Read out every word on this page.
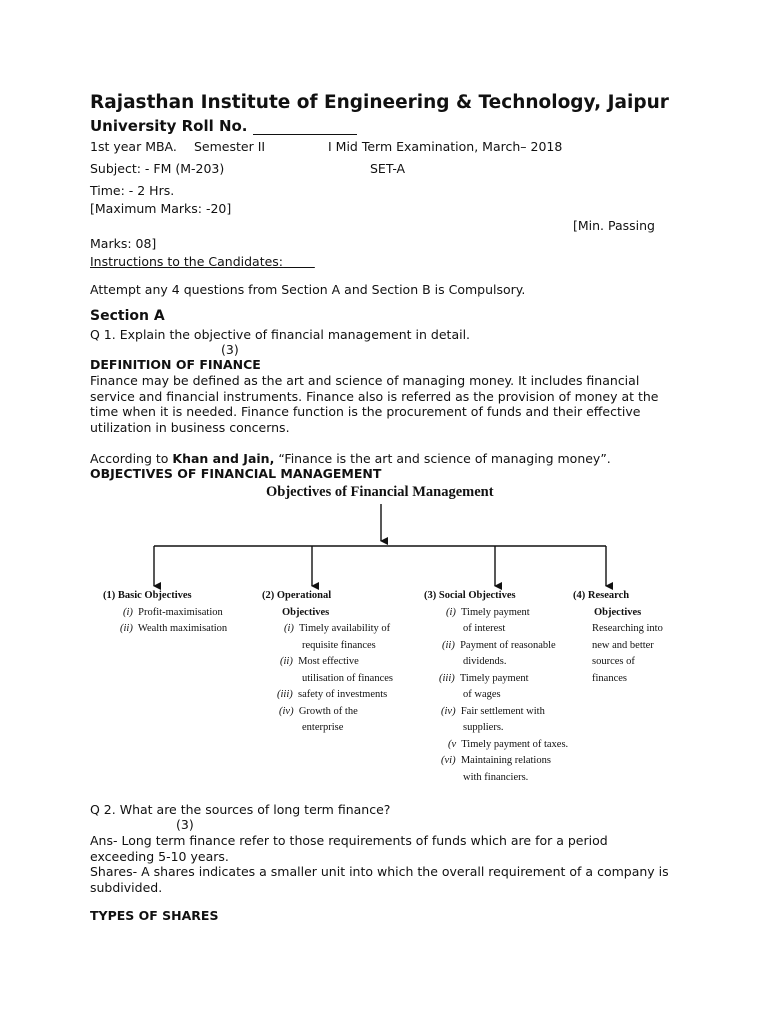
Rajasthan Institute of Engineering & Technology, Jaipur
University Roll No.
1st year MBA. Semester II	I Mid Term Examination, March– 2018
Subject: - FM (M-203)	SET-A
Time: - 2 Hrs.
[Maximum Marks: -20]
[Min. Passing
Marks: 08]
Instructions to the Candidates:
Attempt any 4 questions from Section A and Section B is Compulsory.
Section A
Q 1. Explain the objective of financial management in detail.
(3)
DEFINITION OF FINANCE

Finance may be defined as the art and science of managing money. It includes financial service and financial instruments. Finance also is referred as the provision of money at the time when it is needed. Finance function is the procurement of funds and their effective utilization in business concerns.

According to Khan and Jain, “Finance is the art and science of managing money”.
OBJECTIVES OF FINANCIAL MANAGEMENT
Objectives of Financial Management
(1) Basic Objectives
(i) Profit-maximisation
(ii) Wealth maximisation
(2) Operational
Objectives
(i) Timely availability of
requisite finances
(ii) Most effective
utilisation of finances
(iii) safety of investments
(iv) Growth of the
enterprise
(3) Social Objectives
(i) Timely payment
of interest
(ii) Payment of reasonable
dividends.
(iii) Timely payment
of wages
(iv) Fair settlement with
suppliers.
(v Timely payment of taxes.
(vi) Maintaining relations
with financiers.
(4) Research
Objectives
Researching into
new and better
sources of
finances
Q 2. What are the sources of long term finance?
(3)

Ans- Long term finance refer to those requirements of funds which are for a period exceeding 5-10 years.

Shares- A shares indicates a smaller unit into which the overall requirement of a company is subdivided.

TYPES OF SHARES
